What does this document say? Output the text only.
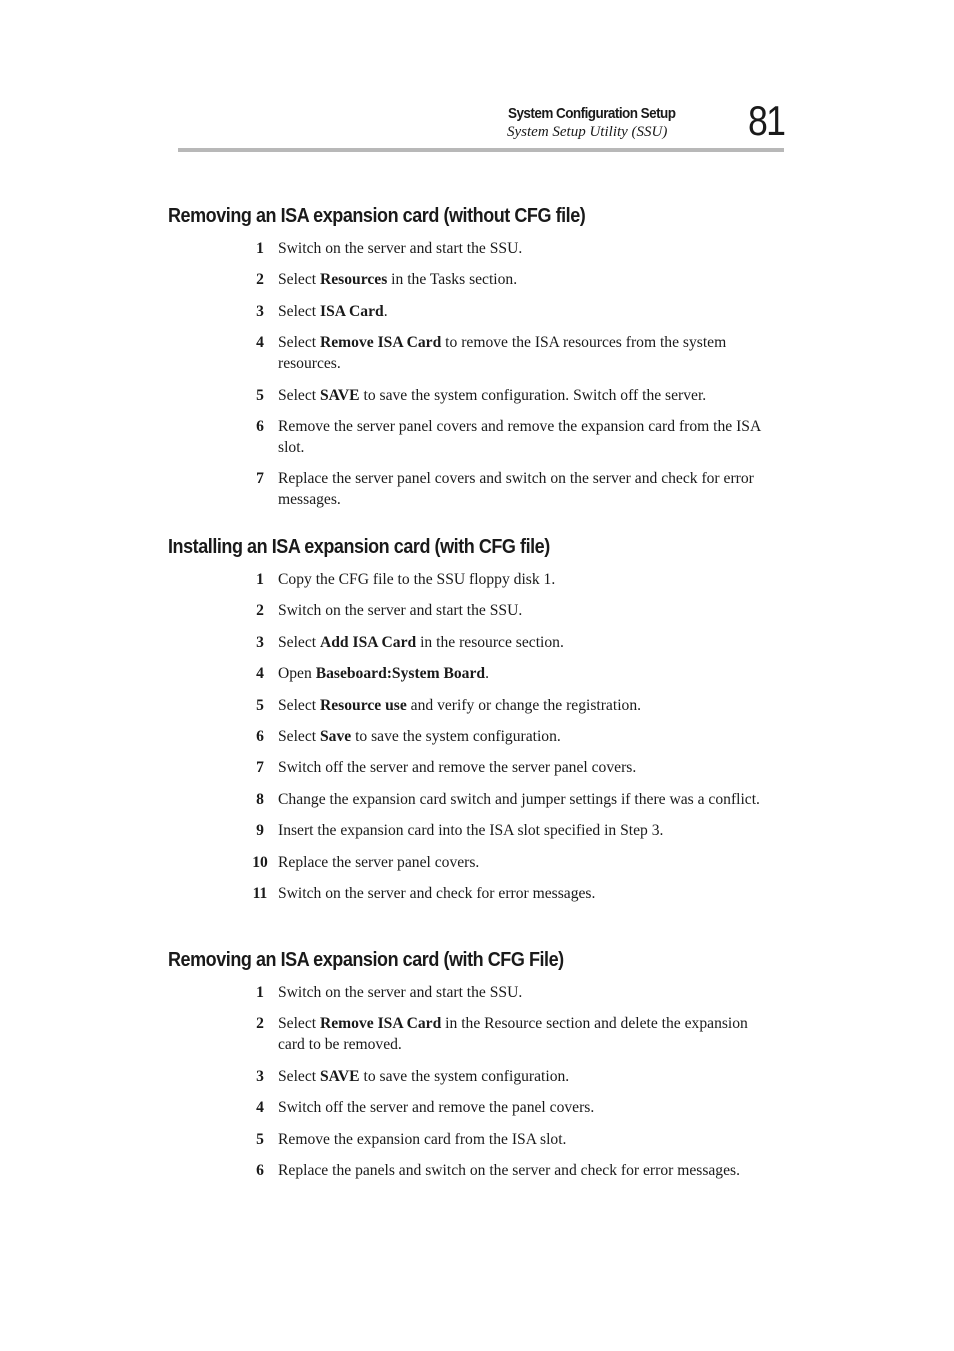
System Configuration Setup
System Setup Utility (SSU) 81
Removing an ISA expansion card (without CFG file)
1 Switch on the server and start the SSU.
2 Select Resources in the Tasks section.
3 Select ISA Card.
4 Select Remove ISA Card to remove the ISA resources from the system resources.
5 Select SAVE to save the system configuration. Switch off the server.
6 Remove the server panel covers and remove the expansion card from the ISA slot.
7 Replace the server panel covers and switch on the server and check for error messages.
Installing an ISA expansion card (with CFG file)
1 Copy the CFG file to the SSU floppy disk 1.
2 Switch on the server and start the SSU.
3 Select Add ISA Card in the resource section.
4 Open Baseboard:System Board.
5 Select Resource use and verify or change the registration.
6 Select Save to save the system configuration.
7 Switch off the server and remove the server panel covers.
8 Change the expansion card switch and jumper settings if there was a conflict.
9 Insert the expansion card into the ISA slot specified in Step 3.
10 Replace the server panel covers.
11 Switch on the server and check for error messages.
Removing an ISA expansion card (with CFG File)
1 Switch on the server and start the SSU.
2 Select Remove ISA Card in the Resource section and delete the expansion card to be removed.
3 Select SAVE to save the system configuration.
4 Switch off the server and remove the panel covers.
5 Remove the expansion card from the ISA slot.
6 Replace the panels and switch on the server and check for error messages.
